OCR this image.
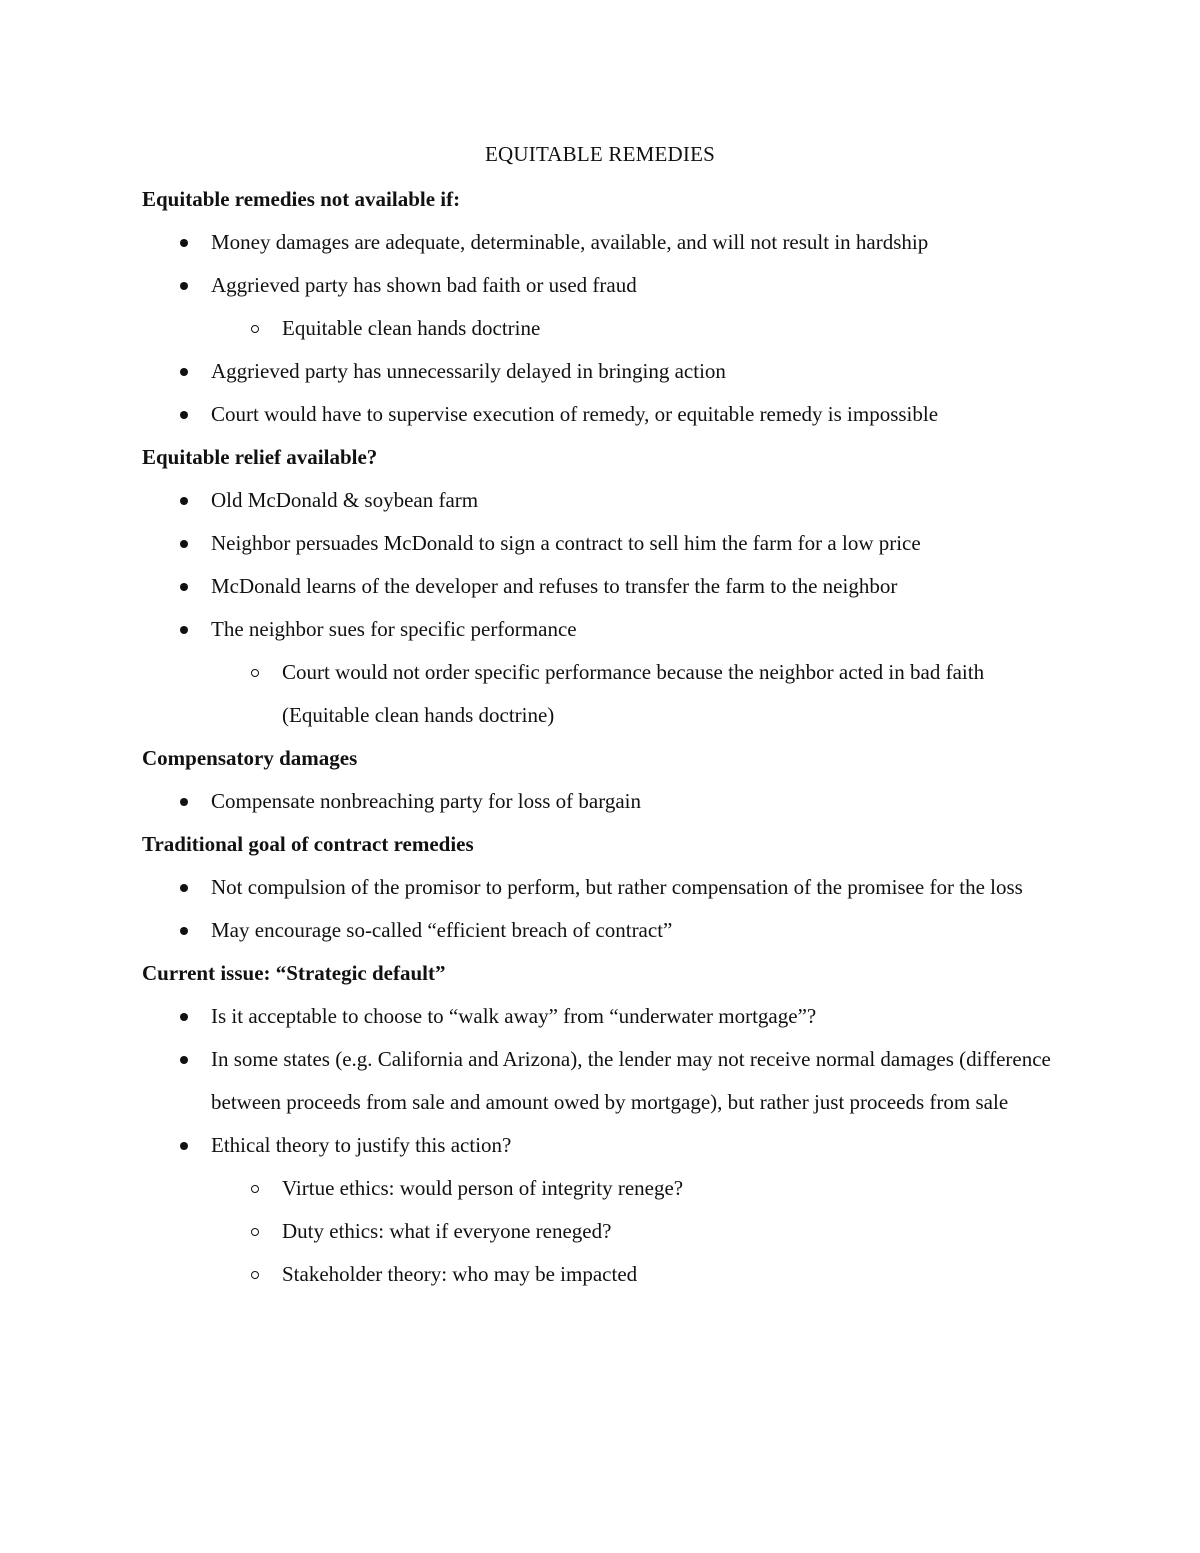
EQUITABLE REMEDIES
Equitable remedies not available if:
Money damages are adequate, determinable, available, and will not result in hardship
Aggrieved party has shown bad faith or used fraud
Equitable clean hands doctrine
Aggrieved party has unnecessarily delayed in bringing action
Court would have to supervise execution of remedy, or equitable remedy is impossible
Equitable relief available?
Old McDonald & soybean farm
Neighbor persuades McDonald to sign a contract to sell him the farm for a low price
McDonald learns of the developer and refuses to transfer the farm to the neighbor
The neighbor sues for specific performance
Court would not order specific performance because the neighbor acted in bad faith (Equitable clean hands doctrine)
Compensatory damages
Compensate nonbreaching party for loss of bargain
Traditional goal of contract remedies
Not compulsion of the promisor to perform, but rather compensation of the promisee for the loss
May encourage so-called “efficient breach of contract”
Current issue: “Strategic default”
Is it acceptable to choose to “walk away” from “underwater mortgage”?
In some states (e.g. California and Arizona), the lender may not receive normal damages (difference between proceeds from sale and amount owed by mortgage), but rather just proceeds from sale
Ethical theory to justify this action?
Virtue ethics: would person of integrity renege?
Duty ethics: what if everyone reneged?
Stakeholder theory: who may be impacted
